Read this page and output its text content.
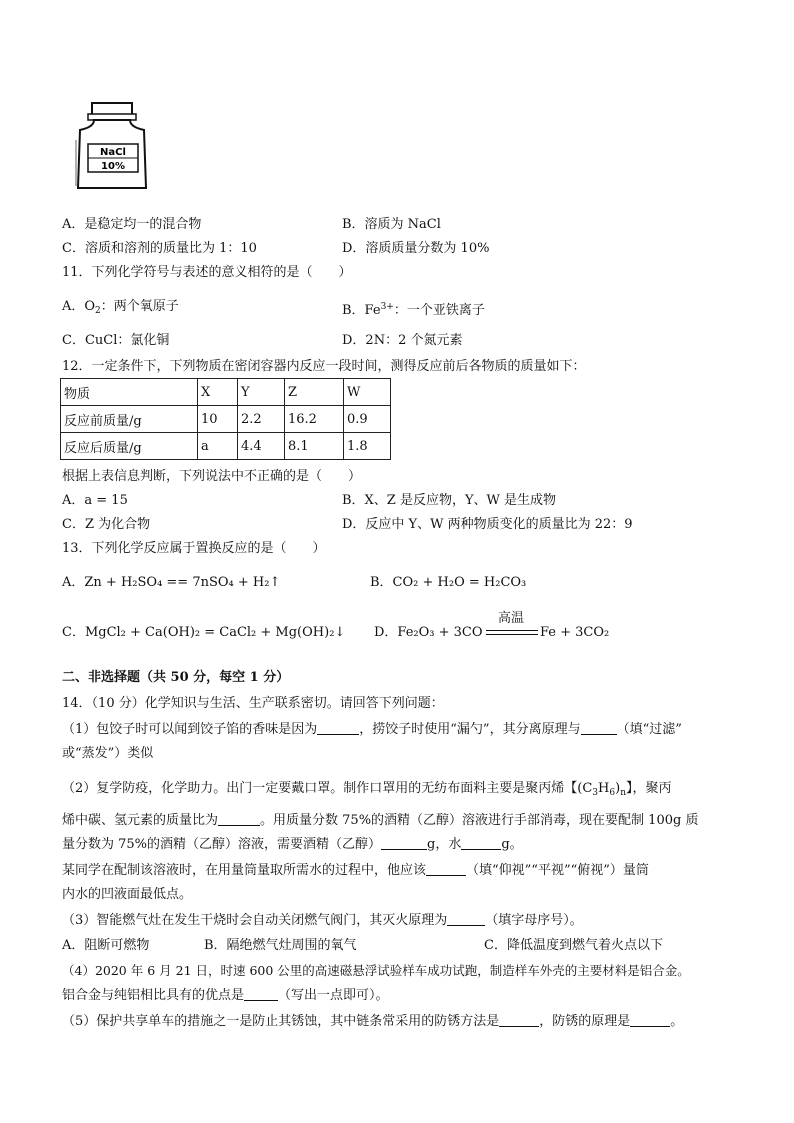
NaCl
10%
A．是稳定均一的混合物	B．溶质为 NaCl
C．溶质和溶剂的质量比为 1：10	D．溶质质量分数为 10%
11．下列化学符号与表述的意义相符的是（　　）
A．$O_2$：两个氧原子	B．$Fe^{3+}$：一个亚铁离子
C．CuCl：氯化铜	D．2N：2 个氮元素
12．一定条件下，下列物质在密闭容器内反应一段时间，测得反应前后各物质的质量如下：
物质	X	Y	Z	W
反应前质量/g	10	2.2	16.2	0.9
反应后质量/g	a	4.4	8.1	1.8
根据上表信息判断，下列说法中不正确的是（　　）
A．a = 15	B．X、Z 是反应物，Y、W 是生成物
C．Z 为化合物	D．反应中 Y、W 两种物质变化的质量比为 22：9
13．下列化学反应属于置换反应的是（　　）
A．Zn + H₂SO₄ == 7nSO₄ + H₂↑	B．CO₂ + H₂O = H₂CO₃
C．MgCl₂ + Ca(OH)₂ = CaCl₂ + Mg(OH)₂↓ D．Fe₂O₃ + 3CO
高温
Fe + 3CO₂
二、非选择题（共 50 分，每空 1 分）
14．（10 分）化学知识与生活、生产联系密切。请回答下列问题：
（1）包饺子时可以闻到饺子馅的香味是因为	，捞饺子时使用“漏勺”，其分离原理与	（填“过滤”
或“蒸发”）类似
（2）复学防疫，化学助力。出门一定要戴口罩。制作口罩用的无纺布面料主要是聚丙烯【$(C_3H_6)_n$】，聚丙
烯中碳、氢元素的质量比为	。用质量分数 75%的酒精（乙醇）溶液进行手部消毒，现在要配制 100g 质
量分数为 75%的酒精（乙醇）溶液，需要酒精（乙醇）	g，水	g。
某同学在配制该溶液时，在用量筒量取所需水的过程中，他应该	（填“仰视”“平视”“俯视”）量筒
内水的凹液面最低点。
（3）智能燃气灶在发生干烧时会自动关闭燃气阀门，其灭火原理为	（填字母序号）。
A．阻断可燃物	B．隔绝燃气灶周围的氧气	C．降低温度到燃气着火点以下
（4）2020 年 6 月 21 日，时速 600 公里的高速磁悬浮试验样车成功试跑，制造样车外壳的主要材料是铝合金。
铝合金与纯铝相比具有的优点是	（写出一点即可）。
（5）保护共享单车的措施之一是防止其锈蚀，其中链条常采用的防锈方法是	，防锈的原理是	。
